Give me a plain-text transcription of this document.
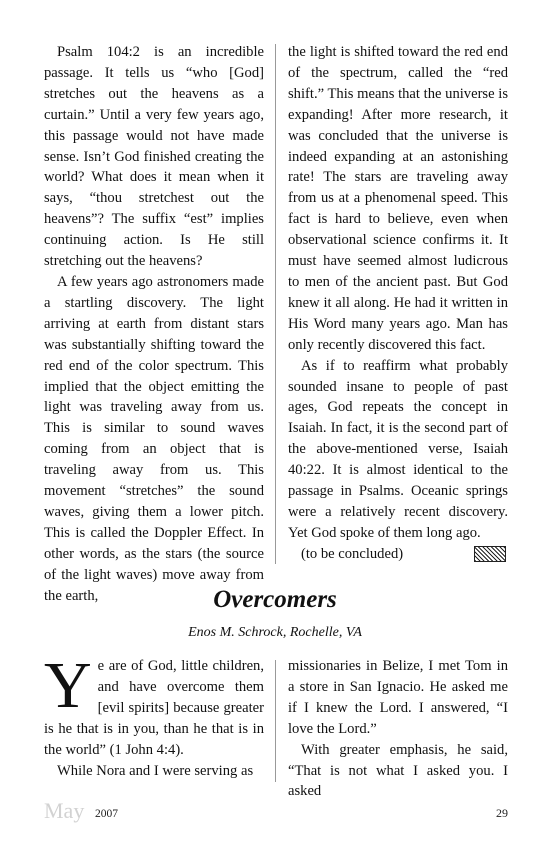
Psalm 104:2 is an incredible passage. It tells us “who [God] stretches out the heavens as a curtain.” Until a very few years ago, this passage would not have made sense. Isn’t God finished creating the world? What does it mean when it says, “thou stretchest out the heavens”? The suffix “est” implies continuing action. Is He still stretching out the heavens?

A few years ago astronomers made a startling discovery. The light arriving at earth from distant stars was substantially shifting toward the red end of the color spectrum. This implied that the object emitting the light was traveling away from us. This is similar to sound waves coming from an object that is traveling away from us. This movement “stretches” the sound waves, giving them a lower pitch. This is called the Doppler Effect. In other words, as the stars (the source of the light waves) move away from the earth,

the light is shifted toward the red end of the spectrum, called the “red shift.” This means that the universe is expanding! After more research, it was concluded that the universe is indeed expanding at an astonishing rate! The stars are traveling away from us at a phenomenal speed. This fact is hard to believe, even when observational science confirms it. It must have seemed almost ludicrous to men of the ancient past. But God knew it all along. He had it written in His Word many years ago. Man has only recently discovered this fact.

As if to reaffirm what probably sounded insane to people of past ages, God repeats the concept in Isaiah. In fact, it is the second part of the above-mentioned verse, Isaiah 40:22. It is almost identical to the passage in Psalms. Oceanic springs were a relatively recent discovery. Yet God spoke of them long ago.

(to be concluded)

Overcomers
Enos M. Schrock, Rochelle, VA

Ye are of God, little children, and have overcome them [evil spirits] because greater is he that is in you, than he that is in the world” (1 John 4:4).

While Nora and I were serving as

missionaries in Belize, I met Tom in a store in San Ignacio. He asked me if I knew the Lord. I answered, “I love the Lord.”

With greater emphasis, he said, “That is not what I asked you. I asked

May 2007	29
